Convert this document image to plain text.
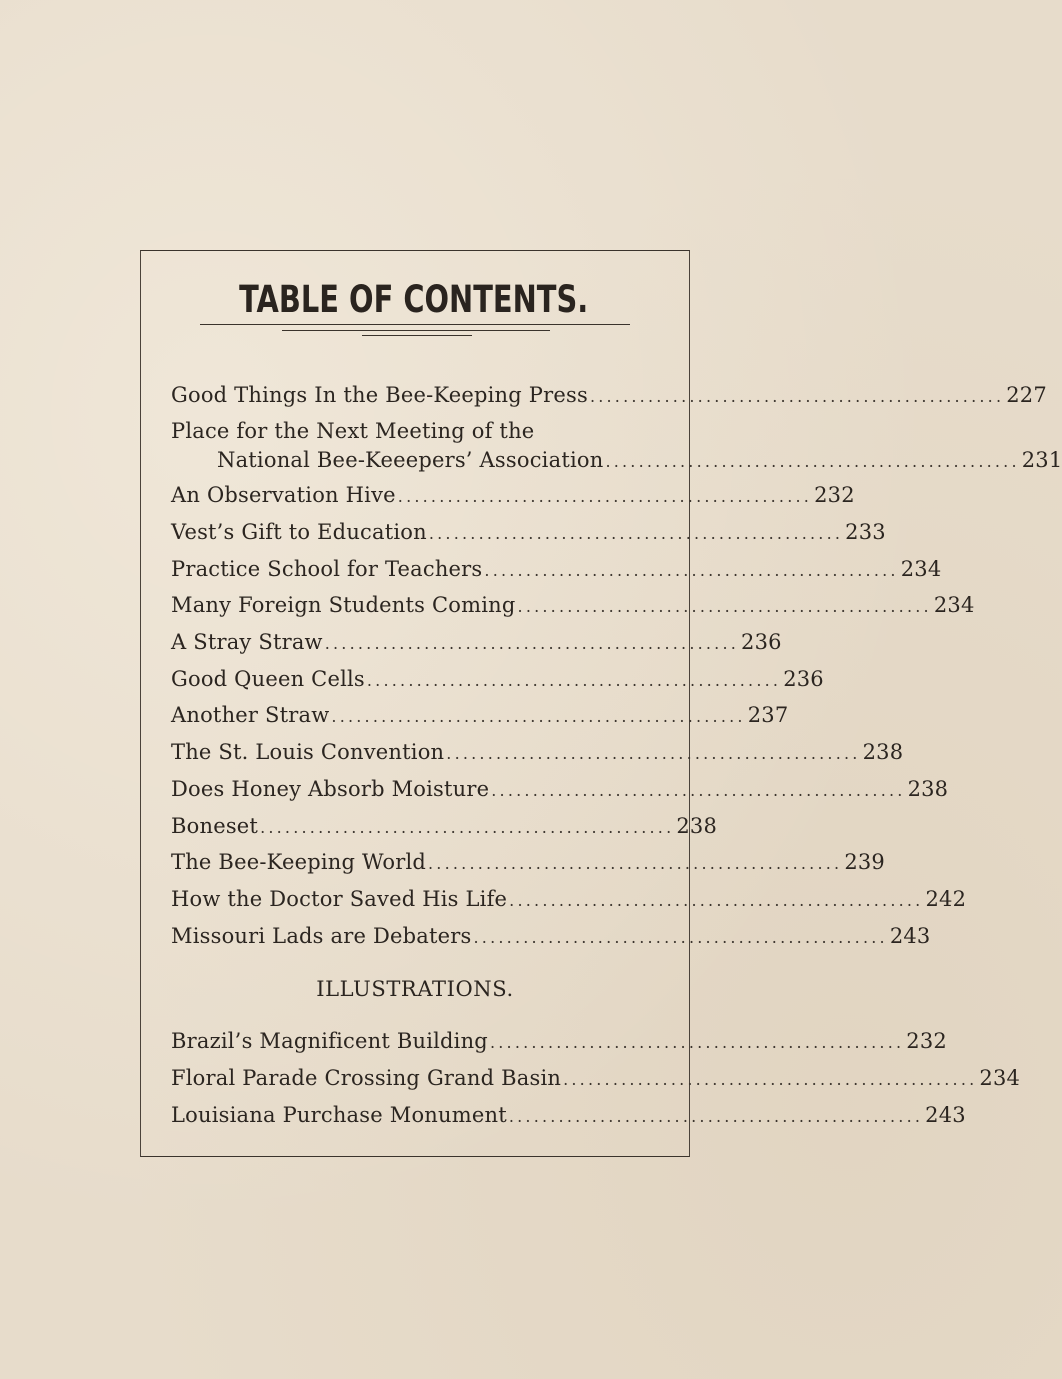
TABLE OF CONTENTS.
Good Things In the Bee-Keeping Press .................................................. 227
Place for the Next Meeting of the
National Bee-Keeepers’ Association .................................................. 231
An Observation Hive .................................................. 232
Vest’s Gift to Education .................................................. 233
Practice School for Teachers .................................................. 234
Many Foreign Students Coming .................................................. 234
A Stray Straw .................................................. 236
Good Queen Cells .................................................. 236
Another Straw .................................................. 237
The St. Louis Convention .................................................. 238
Does Honey Absorb Moisture .................................................. 238
Boneset .................................................. 238
The Bee-Keeping World .................................................. 239
How the Doctor Saved His Life .................................................. 242
Missouri Lads are Debaters .................................................. 243
ILLUSTRATIONS.
Brazil’s Magnificent Building .................................................. 232
Floral Parade Crossing Grand Basin .................................................. 234
Louisiana Purchase Monument .................................................. 243
